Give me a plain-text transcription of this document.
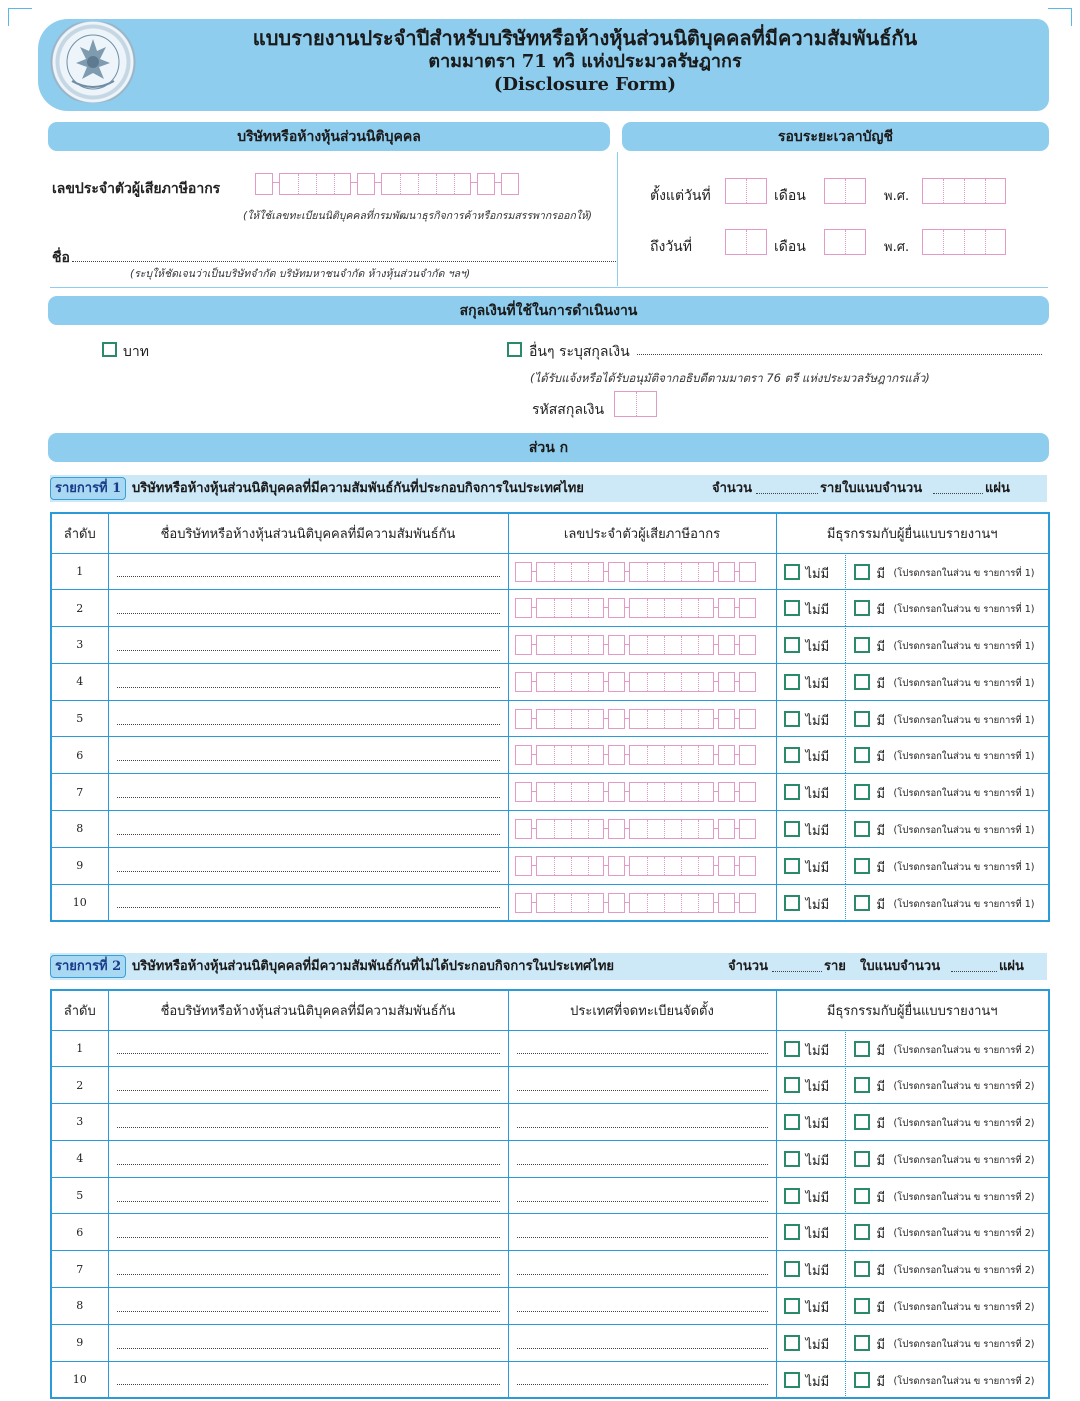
แบบรายงานประจำปีสำหรับบริษัทหรือห้างหุ้นส่วนนิติบุคคลที่มีความสัมพันธ์กัน
ตามมาตรา 71 ทวิ แห่งประมวลรัษฎากร
(Disclosure Form)
บริษัทหรือห้างหุ้นส่วนนิติบุคคล	รอบระยะเวลาบัญชี
เลขประจำตัวผู้เสียภาษีอากร
(ให้ใช้เลขทะเบียนนิติบุคคลที่กรมพัฒนาธุรกิจการค้าหรือกรมสรรพากรออกให้)
ชื่อ
(ระบุให้ชัดเจนว่าเป็นบริษัทจำกัด บริษัทมหาชนจำกัด ห้างหุ้นส่วนจำกัด ฯลฯ)
ตั้งแต่วันที่	เดือน	พ.ศ.
ถึงวันที่	เดือน	พ.ศ.
สกุลเงินที่ใช้ในการดำเนินงาน
บาท	อื่นๆ ระบุสกุลเงิน
(ได้รับแจ้งหรือได้รับอนุมัติจากอธิบดีตามมาตรา 76 ตรี แห่งประมวลรัษฎากรแล้ว)
รหัสสกุลเงิน
ส่วน ก
รายการที่ 1 บริษัทหรือห้างหุ้นส่วนนิติบุคคลที่มีความสัมพันธ์กันที่ประกอบกิจการในประเทศไทย	จำนวน	ราย ใบแนบจำนวน	แผ่น
ลำดับ	ชื่อบริษัทหรือห้างหุ้นส่วนนิติบุคคลที่มีความสัมพันธ์กัน	เลขประจำตัวผู้เสียภาษีอากร	มีธุรกรรมกับผู้ยื่นแบบรายงานฯ
1			ไม่มี มี (โปรดกรอกในส่วน ข รายการที่ 1)

2			ไม่มี มี (โปรดกรอกในส่วน ข รายการที่ 1)

3			ไม่มี มี (โปรดกรอกในส่วน ข รายการที่ 1)

4			ไม่มี มี (โปรดกรอกในส่วน ข รายการที่ 1)

5			ไม่มี มี (โปรดกรอกในส่วน ข รายการที่ 1)

6			ไม่มี มี (โปรดกรอกในส่วน ข รายการที่ 1)

7			ไม่มี มี (โปรดกรอกในส่วน ข รายการที่ 1)

8			ไม่มี มี (โปรดกรอกในส่วน ข รายการที่ 1)

9			ไม่มี มี (โปรดกรอกในส่วน ข รายการที่ 1)

10			ไม่มี มี (โปรดกรอกในส่วน ข รายการที่ 1)
รายการที่ 2 บริษัทหรือห้างหุ้นส่วนนิติบุคคลที่มีความสัมพันธ์กันที่ไม่ได้ประกอบกิจการในประเทศไทย	จำนวน	ราย ใบแนบจำนวน	แผ่น
ลำดับ	ชื่อบริษัทหรือห้างหุ้นส่วนนิติบุคคลที่มีความสัมพันธ์กัน	ประเทศที่จดทะเบียนจัดตั้ง	มีธุรกรรมกับผู้ยื่นแบบรายงานฯ
1			ไม่มี มี (โปรดกรอกในส่วน ข รายการที่ 2)

2			ไม่มี มี (โปรดกรอกในส่วน ข รายการที่ 2)

3			ไม่มี มี (โปรดกรอกในส่วน ข รายการที่ 2)

4			ไม่มี มี (โปรดกรอกในส่วน ข รายการที่ 2)

5			ไม่มี มี (โปรดกรอกในส่วน ข รายการที่ 2)

6			ไม่มี มี (โปรดกรอกในส่วน ข รายการที่ 2)

7			ไม่มี มี (โปรดกรอกในส่วน ข รายการที่ 2)

8			ไม่มี มี (โปรดกรอกในส่วน ข รายการที่ 2)

9			ไม่มี มี (โปรดกรอกในส่วน ข รายการที่ 2)

10			ไม่มี มี (โปรดกรอกในส่วน ข รายการที่ 2)
